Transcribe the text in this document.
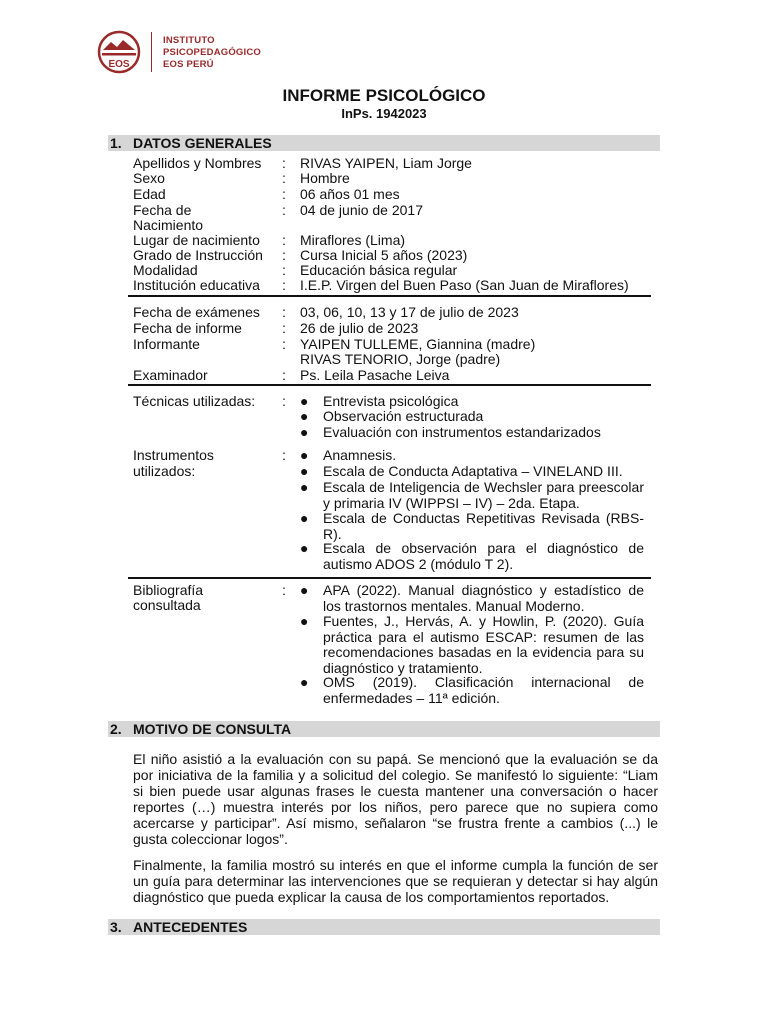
EOS
INSTITUTO
PSICOPEDAGÓGICO
EOS PERÚ
INFORME PSICOLÓGICO
InPs. 1942023
1. DATOS GENERALES
Apellidos y Nombres : RIVAS YAIPEN, Liam Jorge
Sexo	: Hombre
Edad	: 06 años 01 mes
Fecha de
Nacimiento
: 04 de junio de 2017
Lugar de nacimiento : Miraflores (Lima)
Grado de Instrucción : Cursa Inicial 5 años (2023)
Modalidad	: Educación básica regular
Institución educativa : I.E.P. Virgen del Buen Paso (San Juan de Miraflores)
Fecha de exámenes : 03, 06, 10, 13 y 17 de julio de 2023
Fecha de informe	: 26 de julio de 2023
Informante	: YAIPEN TULLEME, Giannina (madre)
RIVAS TENORIO, Jorge (padre)
Examinador	: Ps. Leila Pasache Leiva
Técnicas utilizadas: : ● Entrevista psicológica
● Observación estructurada
● Evaluación con instrumentos estandarizados
Instrumentos
utilizados:
: ● Anamnesis.
● Escala de Conducta Adaptativa – VINELAND III.
● Escala de Inteligencia de Wechsler para preescolar y primaria IV (WIPPSI – IV) – 2da. Etapa.
● Escala de Conductas Repetitivas Revisada (RBS-R).
● Escala de observación para el diagnóstico de autismo ADOS 2 (módulo T 2).
Bibliografía
consultada
: ● APA (2022). Manual diagnóstico y estadístico de los trastornos mentales. Manual Moderno.
● Fuentes, J., Hervás, A. y Howlin, P. (2020). Guía práctica para el autismo ESCAP: resumen de las recomendaciones basadas en la evidencia para su diagnóstico y tratamiento.
● OMS (2019). Clasificación internacional de enfermedades – 11ª edición.
2. MOTIVO DE CONSULTA
El niño asistió a la evaluación con su papá. Se mencionó que la evaluación se da por iniciativa de la familia y a solicitud del colegio. Se manifestó lo siguiente: “Liam si bien puede usar algunas frases le cuesta mantener una conversación o hacer reportes (…) muestra interés por los niños, pero parece que no supiera como acercarse y participar”. Así mismo, señalaron “se frustra frente a cambios (...) le gusta coleccionar logos”.
Finalmente, la familia mostró su interés en que el informe cumpla la función de ser un guía para determinar las intervenciones que se requieran y detectar si hay algún diagnóstico que pueda explicar la causa de los comportamientos reportados.
3. ANTECEDENTES
